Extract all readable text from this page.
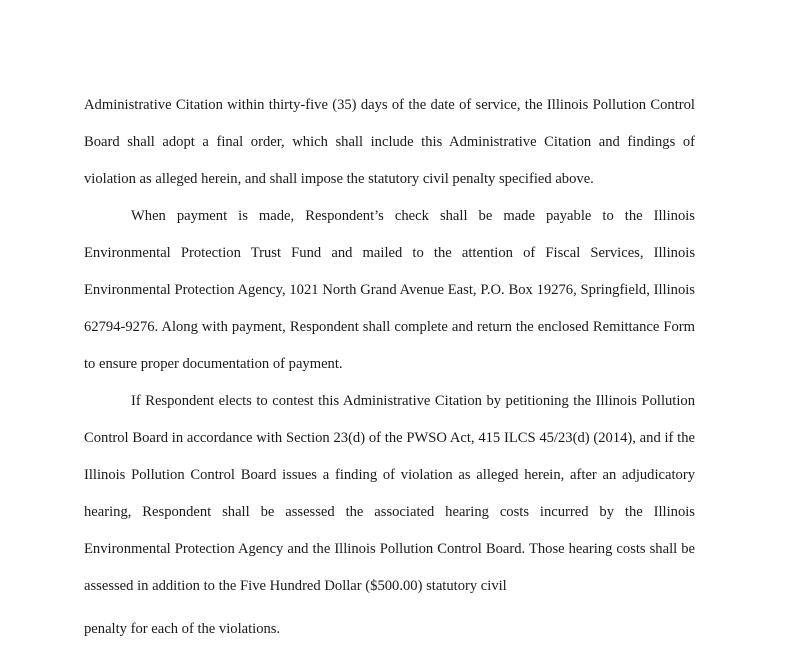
Administrative Citation within thirty-five (35) days of the date of service, the Illinois Pollution Control Board shall adopt a final order, which shall include this Administrative Citation and findings of violation as alleged herein, and shall impose the statutory civil penalty specified above.

When payment is made, Respondent’s check shall be made payable to the Illinois Environmental Protection Trust Fund and mailed to the attention of Fiscal Services, Illinois Environmental Protection Agency, 1021 North Grand Avenue East, P.O. Box 19276, Springfield, Illinois 62794-9276. Along with payment, Respondent shall complete and return the enclosed Remittance Form to ensure proper documentation of payment.

If Respondent elects to contest this Administrative Citation by petitioning the Illinois Pollution Control Board in accordance with Section 23(d) of the PWSO Act, 415 ILCS 45/23(d) (2014), and if the Illinois Pollution Control Board issues a finding of violation as alleged herein, after an adjudicatory hearing, Respondent shall be assessed the associated hearing costs incurred by the Illinois Environmental Protection Agency and the Illinois Pollution Control Board. Those hearing costs shall be assessed in addition to the Five Hundred Dollar ($500.00) statutory civil

penalty for each of the violations.
